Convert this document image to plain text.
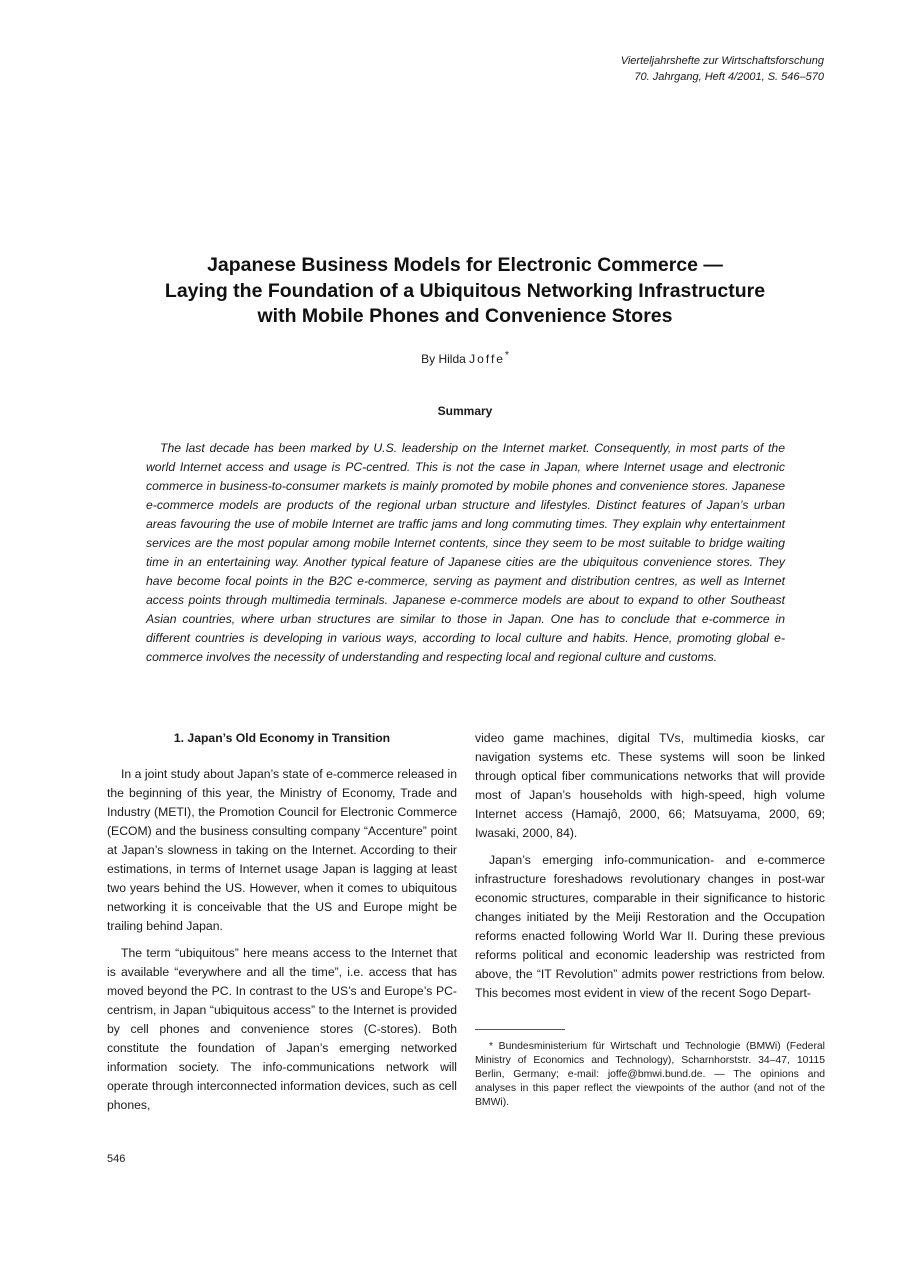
Vierteljahrshefte zur Wirtschaftsforschung
70. Jahrgang, Heft 4/2001, S. 546–570
Japanese Business Models for Electronic Commerce —
Laying the Foundation of a Ubiquitous Networking Infrastructure
with Mobile Phones and Convenience Stores
By Hilda Joffe*
Summary

The last decade has been marked by U.S. leadership on the Internet market. Consequently, in most parts of the world Internet access and usage is PC-centred. This is not the case in Japan, where Internet usage and electronic commerce in business-to-consumer markets is mainly promoted by mobile phones and convenience stores. Japanese e-commerce models are products of the regional urban structure and lifestyles. Distinct features of Japan’s urban areas favouring the use of mobile Internet are traffic jams and long commuting times. They explain why entertainment services are the most popular among mobile Internet contents, since they seem to be most suitable to bridge waiting time in an entertaining way. Another typical feature of Japanese cities are the ubiquitous convenience stores. They have become focal points in the B2C e-commerce, serving as payment and distribution centres, as well as Internet access points through multimedia terminals. Japanese e-commerce models are about to expand to other Southeast Asian countries, where urban structures are similar to those in Japan. One has to conclude that e-commerce in different countries is developing in various ways, according to local culture and habits. Hence, promoting global e-commerce involves the necessity of understanding and respecting local and regional culture and customs.

1. Japan’s Old Economy in Transition

In a joint study about Japan’s state of e-commerce released in the beginning of this year, the Ministry of Economy, Trade and Industry (METI), the Promotion Council for Electronic Commerce (ECOM) and the business consulting company “Accenture” point at Japan’s slowness in taking on the Internet. According to their estimations, in terms of Internet usage Japan is lagging at least two years behind the US. However, when it comes to ubiquitous networking it is conceivable that the US and Europe might be trailing behind Japan.

The term “ubiquitous” here means access to the Internet that is available “everywhere and all the time”, i.e. access that has moved beyond the PC. In contrast to the US’s and Europe’s PC-centrism, in Japan “ubiquitous access” to the Internet is provided by cell phones and convenience stores (C-stores). Both constitute the foundation of Japan’s emerging networked information society. The info-communications network will operate through interconnected information devices, such as cell phones,

video game machines, digital TVs, multimedia kiosks, car navigation systems etc. These systems will soon be linked through optical fiber communications networks that will provide most of Japan’s households with high-speed, high volume Internet access (Hamajô, 2000, 66; Matsuyama, 2000, 69; Iwasaki, 2000, 84).

Japan’s emerging info-communication- and e-commerce infrastructure foreshadows revolutionary changes in post-war economic structures, comparable in their significance to historic changes initiated by the Meiji Restoration and the Occupation reforms enacted following World War II. During these previous reforms political and economic leadership was restricted from above, the “IT Revolution” admits power restrictions from below. This becomes most evident in view of the recent Sogo Depart-

* Bundesministerium für Wirtschaft und Technologie (BMWi) (Federal Ministry of Economics and Technology), Scharnhorststr. 34–47, 10115 Berlin, Germany; e-mail: joffe@bmwi.bund.de. — The opinions and analyses in this paper reflect the viewpoints of the author (and not of the BMWi).

546
